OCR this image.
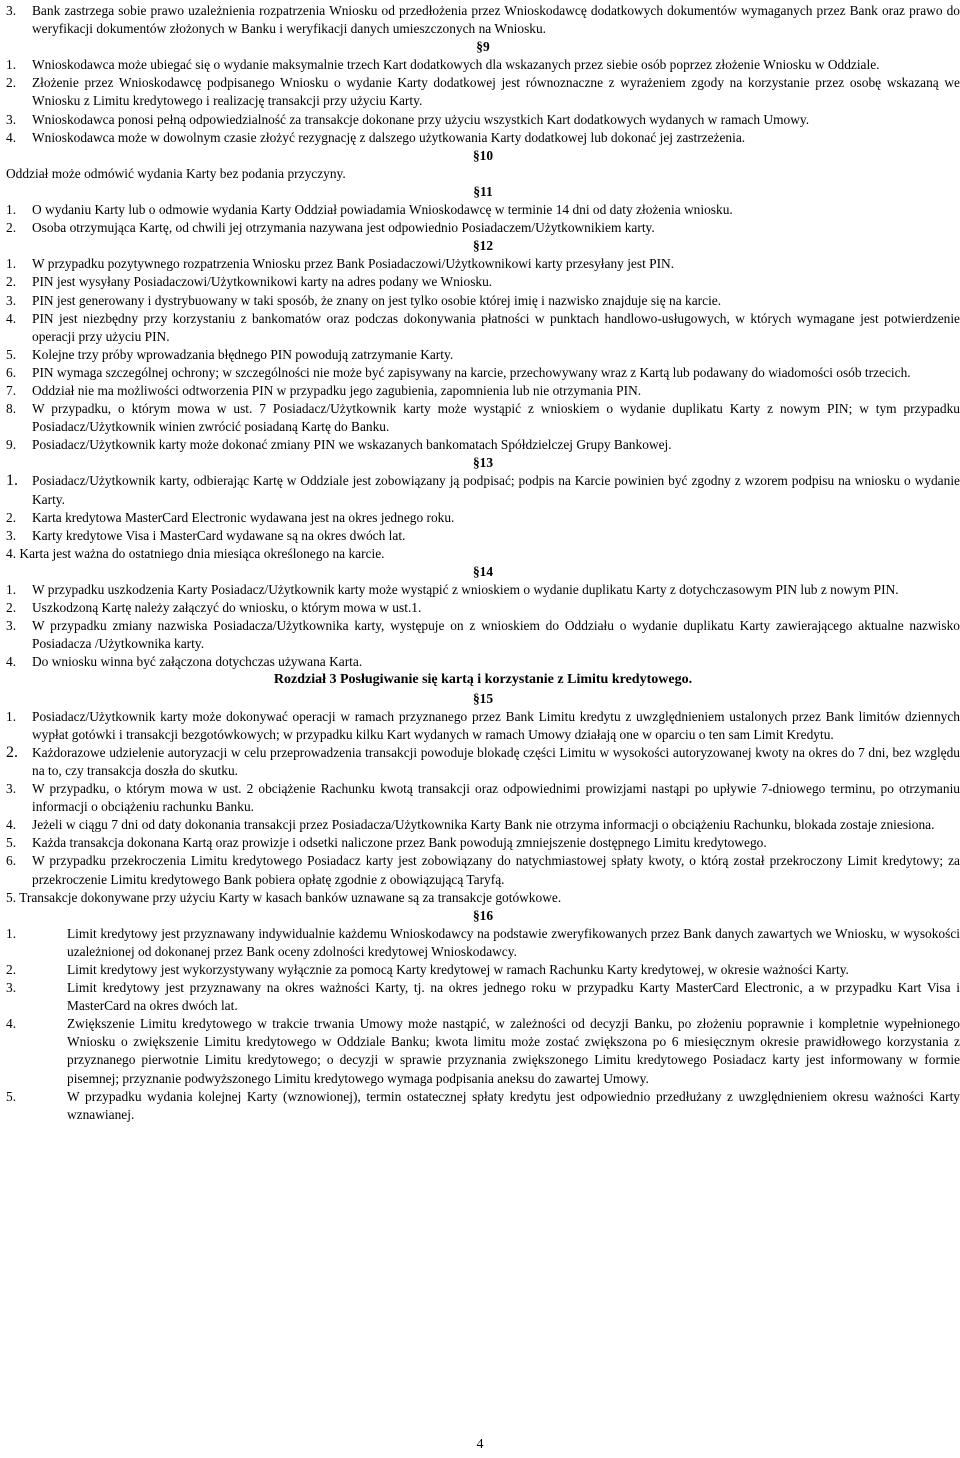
3.	Bank zastrzega sobie prawo uzależnienia rozpatrzenia Wniosku od przedłożenia przez Wnioskodawcę dodatkowych dokumentów wymaganych przez Bank oraz prawo do weryfikacji dokumentów złożonych w Banku i weryfikacji danych umieszczonych na Wniosku.
§9
1.	Wnioskodawca może ubiegać się o wydanie maksymalnie trzech Kart dodatkowych dla wskazanych przez siebie osób poprzez złożenie Wniosku w Oddziale.
2.	Złożenie przez Wnioskodawcę podpisanego Wniosku o wydanie Karty dodatkowej jest równoznaczne z wyrażeniem zgody na korzystanie przez osobę wskazaną we Wniosku z Limitu kredytowego i realizację transakcji przy użyciu Karty.
3.	Wnioskodawca ponosi pełną odpowiedzialność za transakcje dokonane przy użyciu wszystkich Kart dodatkowych wydanych w ramach Umowy.
4.	Wnioskodawca może w dowolnym czasie złożyć rezygnację z dalszego użytkowania Karty dodatkowej lub dokonać jej zastrzeżenia.
§10
Oddział może odmówić wydania Karty bez podania przyczyny.
§11
1.	O wydaniu Karty lub o odmowie wydania Karty Oddział powiadamia Wnioskodawcę w terminie 14 dni od daty złożenia wniosku.
2.	Osoba otrzymująca Kartę, od chwili jej otrzymania nazywana jest odpowiednio Posiadaczem/Użytkownikiem karty.
§12
1.	W przypadku pozytywnego rozpatrzenia Wniosku przez Bank Posiadaczowi/Użytkownikowi karty przesyłany jest PIN.
2.	PIN jest wysyłany Posiadaczowi/Użytkownikowi karty na adres podany we Wniosku.
3.	PIN jest generowany i dystrybuowany w taki sposób, że znany on jest tylko osobie której imię i nazwisko znajduje się na karcie.
4.	PIN jest niezbędny przy korzystaniu z bankomatów oraz podczas dokonywania płatności w punktach handlowo-usługowych, w których wymagane jest potwierdzenie operacji przy użyciu PIN.
5.	Kolejne trzy próby wprowadzania błędnego PIN powodują zatrzymanie Karty.
6.	PIN wymaga szczególnej ochrony; w szczególności nie może być zapisywany na karcie, przechowywany wraz z Kartą lub podawany do wiadomości osób trzecich.
7.	Oddział nie ma możliwości odtworzenia PIN w przypadku jego zagubienia, zapomnienia lub nie otrzymania PIN.
8.	W przypadku, o którym mowa w ust. 7 Posiadacz/Użytkownik karty może wystąpić z wnioskiem o wydanie duplikatu Karty z nowym PIN; w tym przypadku Posiadacz/Użytkownik winien zwrócić posiadaną Kartę do Banku.
9.	Posiadacz/Użytkownik karty może dokonać zmiany PIN we wskazanych bankomatach Spółdzielczej Grupy Bankowej.
§13
1.	Posiadacz/Użytkownik karty, odbierając Kartę w Oddziale jest zobowiązany ją podpisać; podpis na Karcie powinien być zgodny z wzorem podpisu na wniosku o wydanie Karty.
2.	Karta kredytowa MasterCard Electronic wydawana jest na okres jednego roku.
3.	Karty kredytowe Visa i MasterCard wydawane są na okres dwóch lat.
4. Karta jest ważna do ostatniego dnia miesiąca określonego na karcie.
§14
1.	W przypadku uszkodzenia Karty Posiadacz/Użytkownik karty może wystąpić z wnioskiem o wydanie duplikatu Karty z dotychczasowym PIN lub z nowym PIN.
2.	Uszkodzoną Kartę należy załączyć do wniosku, o którym mowa w ust.1.
3.	W przypadku zmiany nazwiska Posiadacza/Użytkownika karty, występuje on z wnioskiem do Oddziału o wydanie duplikatu Karty zawierającego aktualne nazwisko Posiadacza /Użytkownika karty.
4.	Do wniosku winna być załączona dotychczas używana Karta.
Rozdział 3 Posługiwanie się kartą i korzystanie z Limitu kredytowego.
§15
1.	Posiadacz/Użytkownik karty może dokonywać operacji w ramach przyznanego przez Bank Limitu kredytu z uwzględnieniem ustalonych przez Bank limitów dziennych wypłat gotówki i transakcji bezgotówkowych; w przypadku kilku Kart wydanych w ramach Umowy działają one w oparciu o ten sam Limit Kredytu.
2.	Każdorazowe udzielenie autoryzacji w celu przeprowadzenia transakcji powoduje blokadę części Limitu w wysokości autoryzowanej kwoty na okres do 7 dni, bez względu na to, czy transakcja doszła do skutku.
3.	W przypadku, o którym mowa w ust. 2 obciążenie Rachunku kwotą transakcji oraz odpowiednimi prowizjami nastąpi po upływie 7-dniowego terminu, po otrzymaniu informacji o obciążeniu rachunku Banku.
4.	Jeżeli w ciągu 7 dni od daty dokonania transakcji przez Posiadacza/Użytkownika Karty Bank nie otrzyma informacji o obciążeniu Rachunku, blokada zostaje zniesiona.
5.	Każda transakcja dokonana Kartą oraz prowizje i odsetki naliczone przez Bank powodują zmniejszenie dostępnego Limitu kredytowego.
6.	W przypadku przekroczenia Limitu kredytowego Posiadacz karty jest zobowiązany do natychmiastowej spłaty kwoty, o którą został przekroczony Limit kredytowy; za przekroczenie Limitu kredytowego Bank pobiera opłatę zgodnie z obowiązującą Taryfą.
5. Transakcje dokonywane przy użyciu Karty w kasach banków uznawane są za transakcje gotówkowe.
§16
1.	Limit kredytowy jest przyznawany indywidualnie każdemu Wnioskodawcy na podstawie zweryfikowanych przez Bank danych zawartych we Wniosku, w wysokości uzależnionej od dokonanej przez Bank oceny zdolności kredytowej Wnioskodawcy.
2.	Limit kredytowy jest wykorzystywany wyłącznie za pomocą Karty kredytowej w ramach Rachunku Karty kredytowej, w okresie ważności Karty.
3.	Limit kredytowy jest przyznawany na okres ważności Karty, tj. na okres jednego roku w przypadku Karty MasterCard Electronic, a w przypadku Kart Visa i MasterCard na okres dwóch lat.
4.	Zwiększenie Limitu kredytowego w trakcie trwania Umowy może nastąpić, w zależności od decyzji Banku, po złożeniu poprawnie i kompletnie wypełnionego Wniosku o zwiększenie Limitu kredytowego w Oddziale Banku; kwota limitu może zostać zwiększona po 6 miesięcznym okresie prawidłowego korzystania z przyznanego pierwotnie Limitu kredytowego; o decyzji w sprawie przyznania zwiększonego Limitu kredytowego Posiadacz karty jest informowany w formie pisemnej; przyznanie podwyższonego Limitu kredytowego wymaga podpisania aneksu do zawartej Umowy.
5.	W przypadku wydania kolejnej Karty (wznowionej), termin ostatecznej spłaty kredytu jest odpowiednio przedłużany z uwzględnieniem okresu ważności Karty wznawianej.
4
